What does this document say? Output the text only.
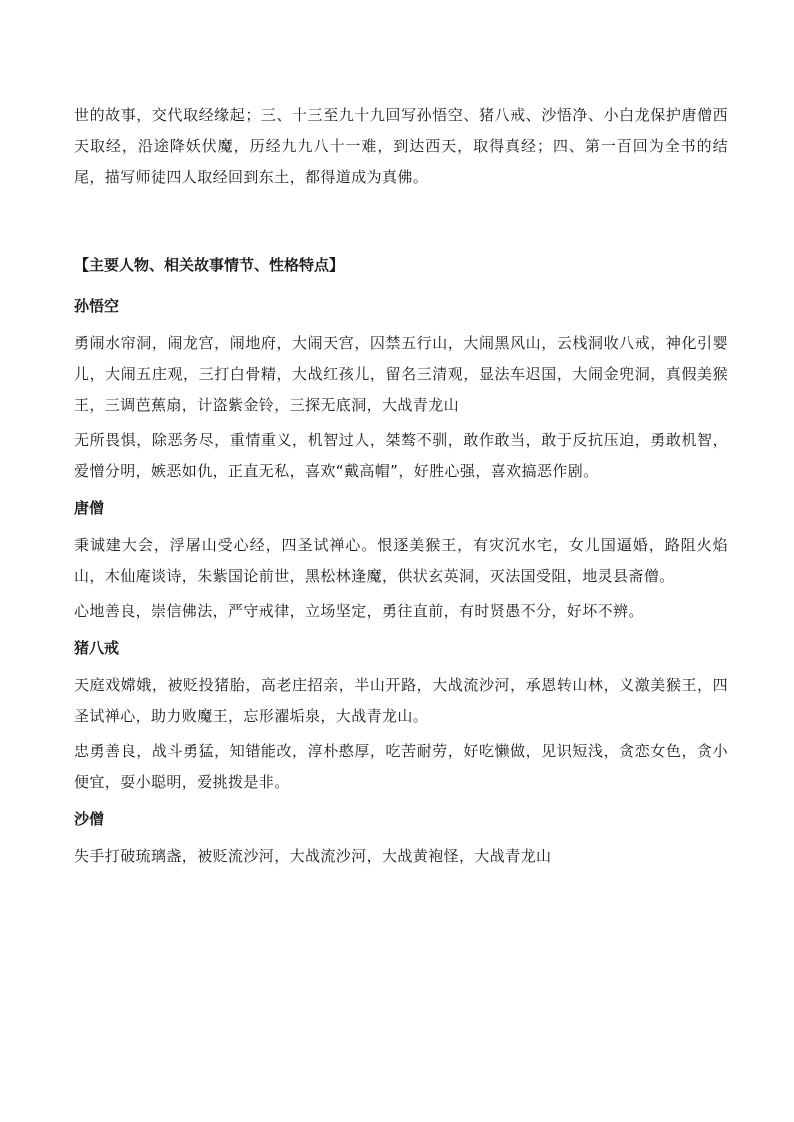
世的故事，交代取经缘起；三、十三至九十九回写孙悟空、猪八戒、沙悟净、小白龙保护唐僧西天取经，沿途降妖伏魔，历经九九八十一难，到达西天，取得真经；四、第一百回为全书的结尾，描写师徒四人取经回到东土，都得道成为真佛。

【主要人物、相关故事情节、性格特点】

孙悟空

勇闹水帘洞，闹龙宫，闹地府，大闹天宫，囚禁五行山，大闹黑风山，云栈洞收八戒，神化引婴儿，大闹五庄观，三打白骨精，大战红孩儿，留名三清观，显法车迟国，大闹金兜洞，真假美猴王，三调芭蕉扇，计盗紫金铃，三探无底洞，大战青龙山

无所畏惧，除恶务尽，重情重义，机智过人，桀骜不驯，敢作敢当，敢于反抗压迫，勇敢机智，爱憎分明，嫉恶如仇，正直无私，喜欢“戴高帽”，好胜心强，喜欢搞恶作剧。

唐僧

秉诚建大会，浮屠山受心经，四圣试禅心。恨逐美猴王，有灾沉水宅，女儿国逼婚，路阻火焰山，木仙庵谈诗，朱紫国论前世，黑松林逢魔，供状玄英洞，灭法国受阻，地灵县斋僧。

心地善良，崇信佛法，严守戒律，立场坚定，勇往直前，有时贤愚不分，好坏不辨。

猪八戒

天庭戏嫦娥，被贬投猪胎，高老庄招亲，半山开路，大战流沙河，承恩转山林，义激美猴王，四圣试禅心，助力败魔王，忘形濯垢泉，大战青龙山。

忠勇善良，战斗勇猛，知错能改，淳朴憨厚，吃苦耐劳，好吃懒做，见识短浅，贪恋女色，贪小便宜，耍小聪明，爱挑拨是非。

沙僧

失手打破琉璃盏，被贬流沙河，大战流沙河，大战黄袍怪，大战青龙山
